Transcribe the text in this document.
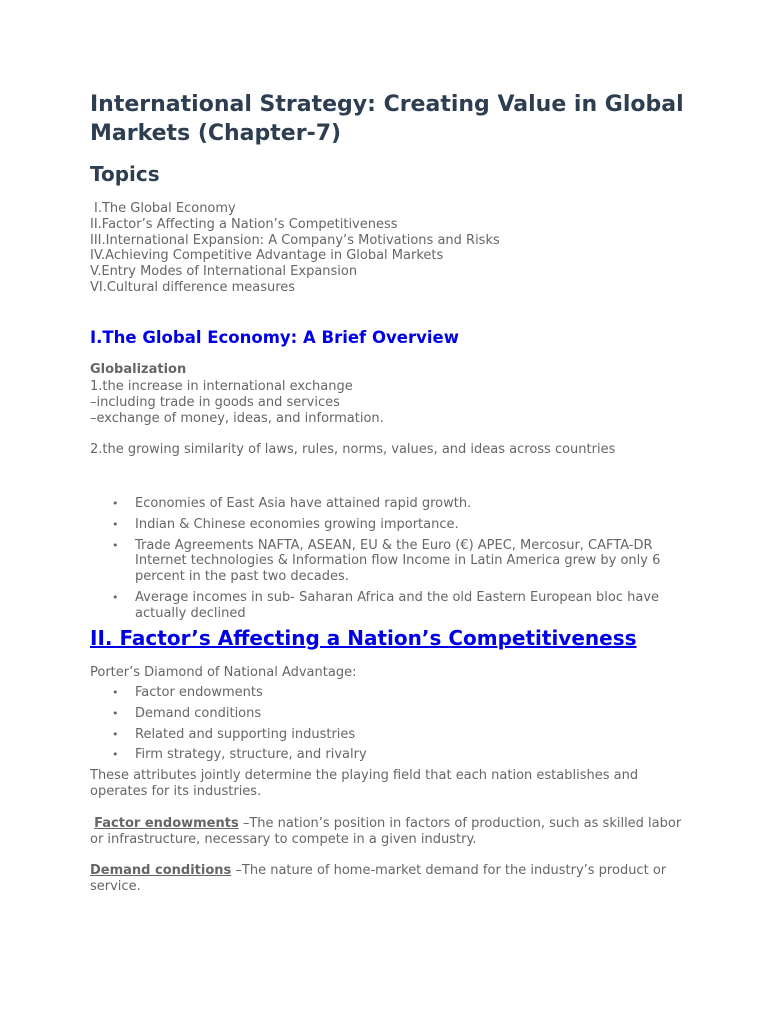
International Strategy: Creating Value in Global Markets (Chapter-7)
Topics
I.The Global Economy
II.Factor’s Affecting a Nation’s Competitiveness
III.International Expansion: A Company’s Motivations and Risks
IV.Achieving Competitive Advantage in Global Markets
V.Entry Modes of International Expansion
VI.Cultural difference measures
I.The Global Economy: A Brief Overview
Globalization
1.the increase in international exchange
–including trade in goods and services
–exchange of money, ideas, and information.
2.the growing similarity of laws, rules, norms, values, and ideas across countries
• Economies of East Asia have attained rapid growth.
• Indian & Chinese economies growing importance.
• Trade Agreements NAFTA, ASEAN, EU & the Euro (€) APEC, Mercosur, CAFTA-DR Internet technologies & Information flow Income in Latin America grew by only 6 percent in the past two decades.
• Average incomes in sub- Saharan Africa and the old Eastern European bloc have actually declined
II. Factor’s Affecting a Nation’s Competitiveness
Porter’s Diamond of National Advantage:
• Factor endowments
• Demand conditions
• Related and supporting industries
• Firm strategy, structure, and rivalry
These attributes jointly determine the playing field that each nation establishes and operates for its industries.
Factor endowments –The nation’s position in factors of production, such as skilled labor or infrastructure, necessary to compete in a given industry.
Demand conditions –The nature of home-market demand for the industry’s product or service.
